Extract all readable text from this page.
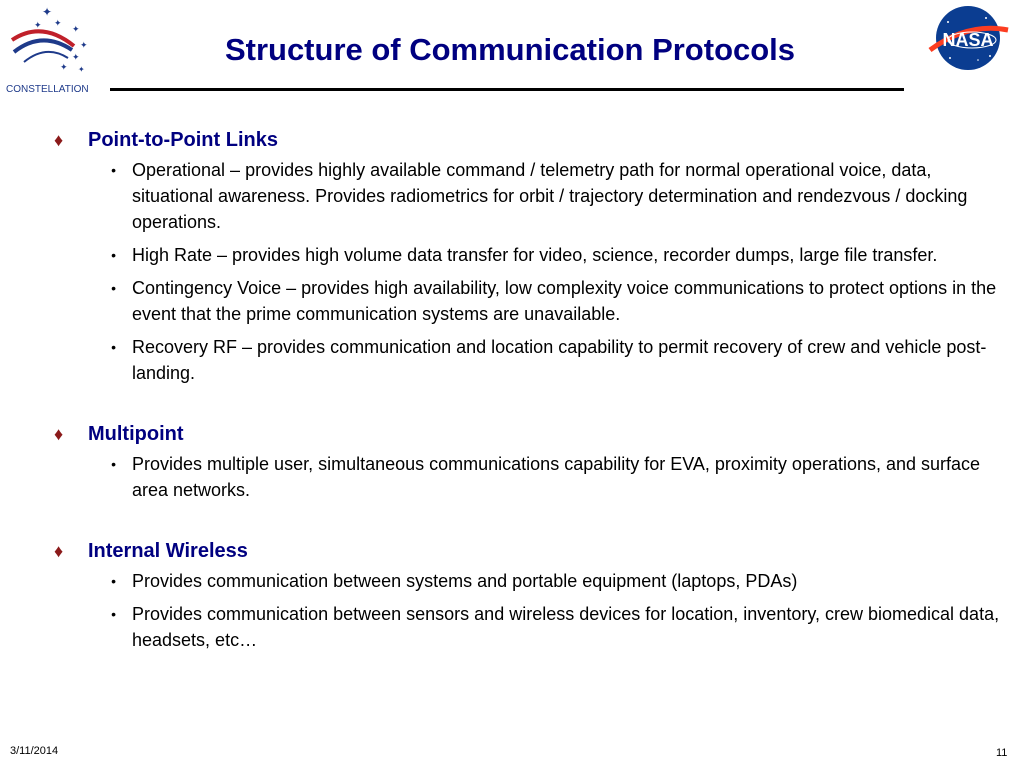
✦
✦ ✦
✦
✦
✦
✦ ✦
CONSTELLATION
NASA
Structure of Communication Protocols
♦	Point-to-Point Links
• Operational – provides highly available command / telemetry path for normal operational voice, data, situational awareness. Provides radiometrics for orbit / trajectory determination and rendezvous / docking operations.
• High Rate – provides high volume data transfer for video, science, recorder dumps, large file transfer.
• Contingency Voice – provides high availability, low complexity voice communications to protect options in the event that the prime communication systems are unavailable.
• Recovery RF – provides communication and location capability to permit recovery of crew and vehicle post-landing.
♦	Multipoint
• Provides multiple user, simultaneous communications capability for EVA, proximity operations, and surface area networks.
♦	Internal Wireless
• Provides communication between systems and portable equipment (laptops, PDAs)
• Provides communication between sensors and wireless devices for location, inventory, crew biomedical data, headsets, etc…
3/11/2014	11
